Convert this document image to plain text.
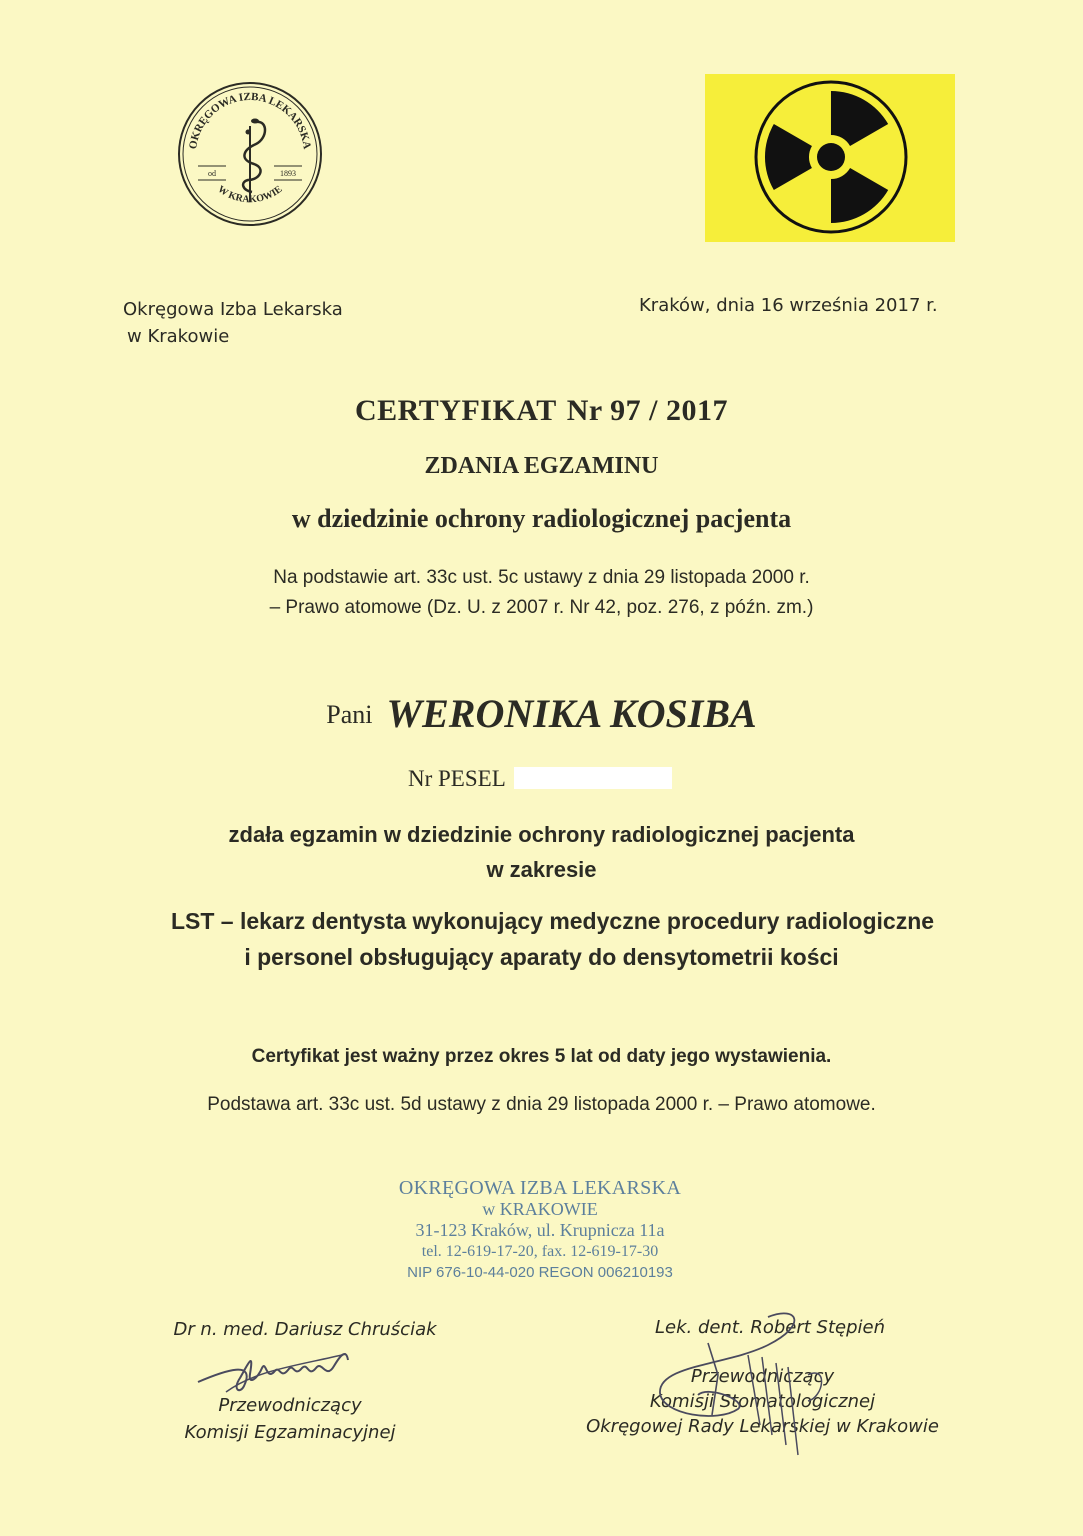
OKRĘGOWA IZBA LEKARSKA
W KRAKOWIE
od	1893
Okręgowa Izba Lekarska
w Krakowie
Kraków, dnia 16 września 2017 r.
CERTYFIKAT Nr 97 / 2017
ZDANIA EGZAMINU
w dziedzinie ochrony radiologicznej pacjenta
Na podstawie art. 33c ust. 5c ustawy z dnia 29 listopada 2000 r.
– Prawo atomowe (Dz. U. z 2007 r. Nr 42, poz. 276, z późn. zm.)
Pani WERONIKA KOSIBA
Nr PESEL
zdała egzamin w dziedzinie ochrony radiologicznej pacjenta
w zakresie
LST – lekarz dentysta wykonujący medyczne procedury radiologiczne
i personel obsługujący aparaty do densytometrii kości
Certyfikat jest ważny przez okres 5 lat od daty jego wystawienia.
Podstawa art. 33c ust. 5d ustawy z dnia 29 listopada 2000 r. – Prawo atomowe.
OKRĘGOWA IZBA LEKARSKA
w KRAKOWIE
31-123 Kraków, ul. Krupnicza 11a
tel. 12-619-17-20, fax. 12-619-17-30
NIP 676-10-44-020 REGON 006210193
Dr n. med. Dariusz Chruściak
Przewodniczący
Komisji Egzaminacyjnej
Lek. dent. Robert Stępień
Przewodniczący
Komisji Stomatologicznej
Okręgowej Rady Lekarskiej w Krakowie
